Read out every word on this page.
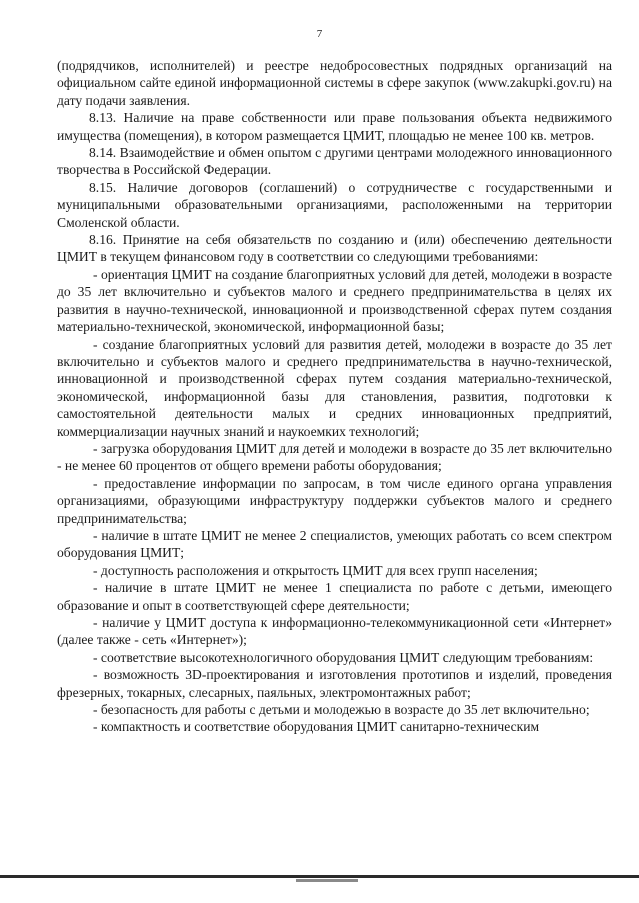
7

(подрядчиков, исполнителей) и реестре недобросовестных подрядных организаций на официальном сайте единой информационной системы в сфере закупок (www.zakupki.gov.ru) на дату подачи заявления.

8.13. Наличие на праве собственности или праве пользования объекта недвижимого имущества (помещения), в котором размещается ЦМИТ, площадью не менее 100 кв. метров.

8.14. Взаимодействие и обмен опытом с другими центрами молодежного инновационного творчества в Российской Федерации.

8.15. Наличие договоров (соглашений) о сотрудничестве с государственными и муниципальными образовательными организациями, расположенными на территории Смоленской области.

8.16. Принятие на себя обязательств по созданию и (или) обеспечению деятельности ЦМИТ в текущем финансовом году в соответствии со следующими требованиями:

- ориентация ЦМИТ на создание благоприятных условий для детей, молодежи в возрасте до 35 лет включительно и субъектов малого и среднего предпринимательства в целях их развития в научно-технической, инновационной и производственной сферах путем создания материально-технической, экономической, информационной базы;

- создание благоприятных условий для развития детей, молодежи в возрасте до 35 лет включительно и субъектов малого и среднего предпринимательства в научно-технической, инновационной и производственной сферах путем создания материально-технической, экономической, информационной базы для становления, развития, подготовки к самостоятельной деятельности малых и средних инновационных предприятий, коммерциализации научных знаний и наукоемких технологий;

- загрузка оборудования ЦМИТ для детей и молодежи в возрасте до 35 лет включительно - не менее 60 процентов от общего времени работы оборудования;

- предоставление информации по запросам, в том числе единого органа управления организациями, образующими инфраструктуру поддержки субъектов малого и среднего предпринимательства;

- наличие в штате ЦМИТ не менее 2 специалистов, умеющих работать со всем спектром оборудования ЦМИТ;

- доступность расположения и открытость ЦМИТ для всех групп населения;

- наличие в штате ЦМИТ не менее 1 специалиста по работе с детьми, имеющего образование и опыт в соответствующей сфере деятельности;

- наличие у ЦМИТ доступа к информационно-телекоммуникационной сети «Интернет» (далее также - сеть «Интернет»);

- соответствие высокотехнологичного оборудования ЦМИТ следующим требованиям:

- возможность 3D-проектирования и изготовления прототипов и изделий, проведения фрезерных, токарных, слесарных, паяльных, электромонтажных работ;

- безопасность для работы с детьми и молодежью в возрасте до 35 лет включительно;

- компактность и соответствие оборудования ЦМИТ санитарно-техническим
